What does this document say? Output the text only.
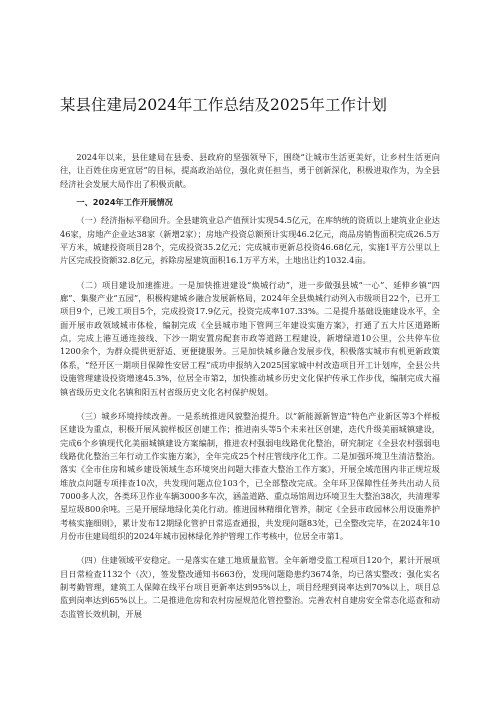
某县住建局2024年工作总结及2025年工作计划

2024年以来，县住建局在县委、县政府的坚强领导下，围绕“让城市生活更美好，让乡村生活更向往，让百姓住房更宜居”的目标，提高政治站位，强化责任担当，勇于创新深化，积极进取作为，为全县经济社会发展大局作出了积极贡献。

一、2024年工作开展情况

（一）经济指标平稳回升。全县建筑业总产值预计实现54.5亿元，在库纳统的资质以上建筑业企业达46家，房地产企业达38家（新增2家）；房地产投资总额预计实现46.2亿元，商品房销售面积完成26.5万平方米，城建投资项目28个，完成投资35.2亿元；完成城市更新总投资46.68亿元，实施1平方公里以上片区完成投资额32.8亿元，拆除房屋建筑面积16.1万平方米，土地出让约1032.4亩。

（二）项目建设加速推进。一是加快推进建设“焕城行动”，进一步做强县城“一心”、延伸乡镇“四廊”、集聚产业“五园”，积极构建城乡融合发展新格局，2024年全县焕城行动列入市级项目22个，已开工项目9个，已竣工项目5个，完成投资17.9亿元，投资完成率107.33%。二是提升基础设施建设水平，全面开展市政领域城市体检，编制完成《全县城市地下管网三年建设实施方案》，打通了五大片区道路断点，完成上港互通连接线、下沙一期安置房配套市政等道路工程建设，新增绿道10公里，公共停车位1200余个，为群众提供更舒适、更便捷服务。三是加快城乡融合发展步伐，积极落实城市有机更新政策体系，“经开区一期项目保障性安居工程”成功申报纳入2025国家城中村改造项目开工计划库，全县公共设施管理建设投资增速45.3%，位居全市第2，加快推动城乡历史文化保护传承工作步伐，编制完成大福镇省级历史文化名镇和阳五村省级历史文化名村保护规划。

（三）城乡环境持续改善。一是系统推进风貌整治提升。以“新能源新智造”特色产业新区等3个样板区建设为重点，积极开展风貌样板区创建工作；推进南头等5个未来社区创建，迭代升级美丽城镇建设，完成6个乡镇现代化美丽城镇建设方案编制，推进农村强弱电线路优化整治，研究制定《全县农村强弱电线路优化整治三年行动工作实施方案》，全年完成25个村庄管线序化工作。二是加强环境卫生清洁整治。落实《全市住房和城乡建设领域生态环境突出问题大排查大整治工作方案》，开展全域范围内非正规垃圾堆放点问题专项排查10次，共发现问题点位103个，已全部整改完成。全年环卫保障性任务共出动人员7000多人次，各类环卫作业车辆3000多车次，涵盖道路、重点场馆周边环境卫生大整治38次，共清理零星垃圾800余吨。三是开展绿地绿化美化行动。推进园林精细化管养，制定《全县市政园林公用设施养护考核实施细则》，累计发布12期绿化管护日常巡查通报，共发现问题83处，已全整改完毕，在2024年10月份市住建局组织的2024年城市园林绿化养护管理工作考核中，位居全市第1。

（四）住建领域平安稳定。一是落实在建工地质量监管。全年新增受监工程项目120个，累计开展项目日常检查1132个（次），签发整改通知书663份，发现问题隐患约3674条，均已落实整改；强化实名制考勤管理，建筑工人保障在线平台项目更新率达到95%以上，项目经理到岗率达到70%以上，项目总监到岗率达到65%以上。二是推进危房和农村房屋规范化管控整治。完善农村自建房安全常态化巡查和动态监管长效机制，开展
